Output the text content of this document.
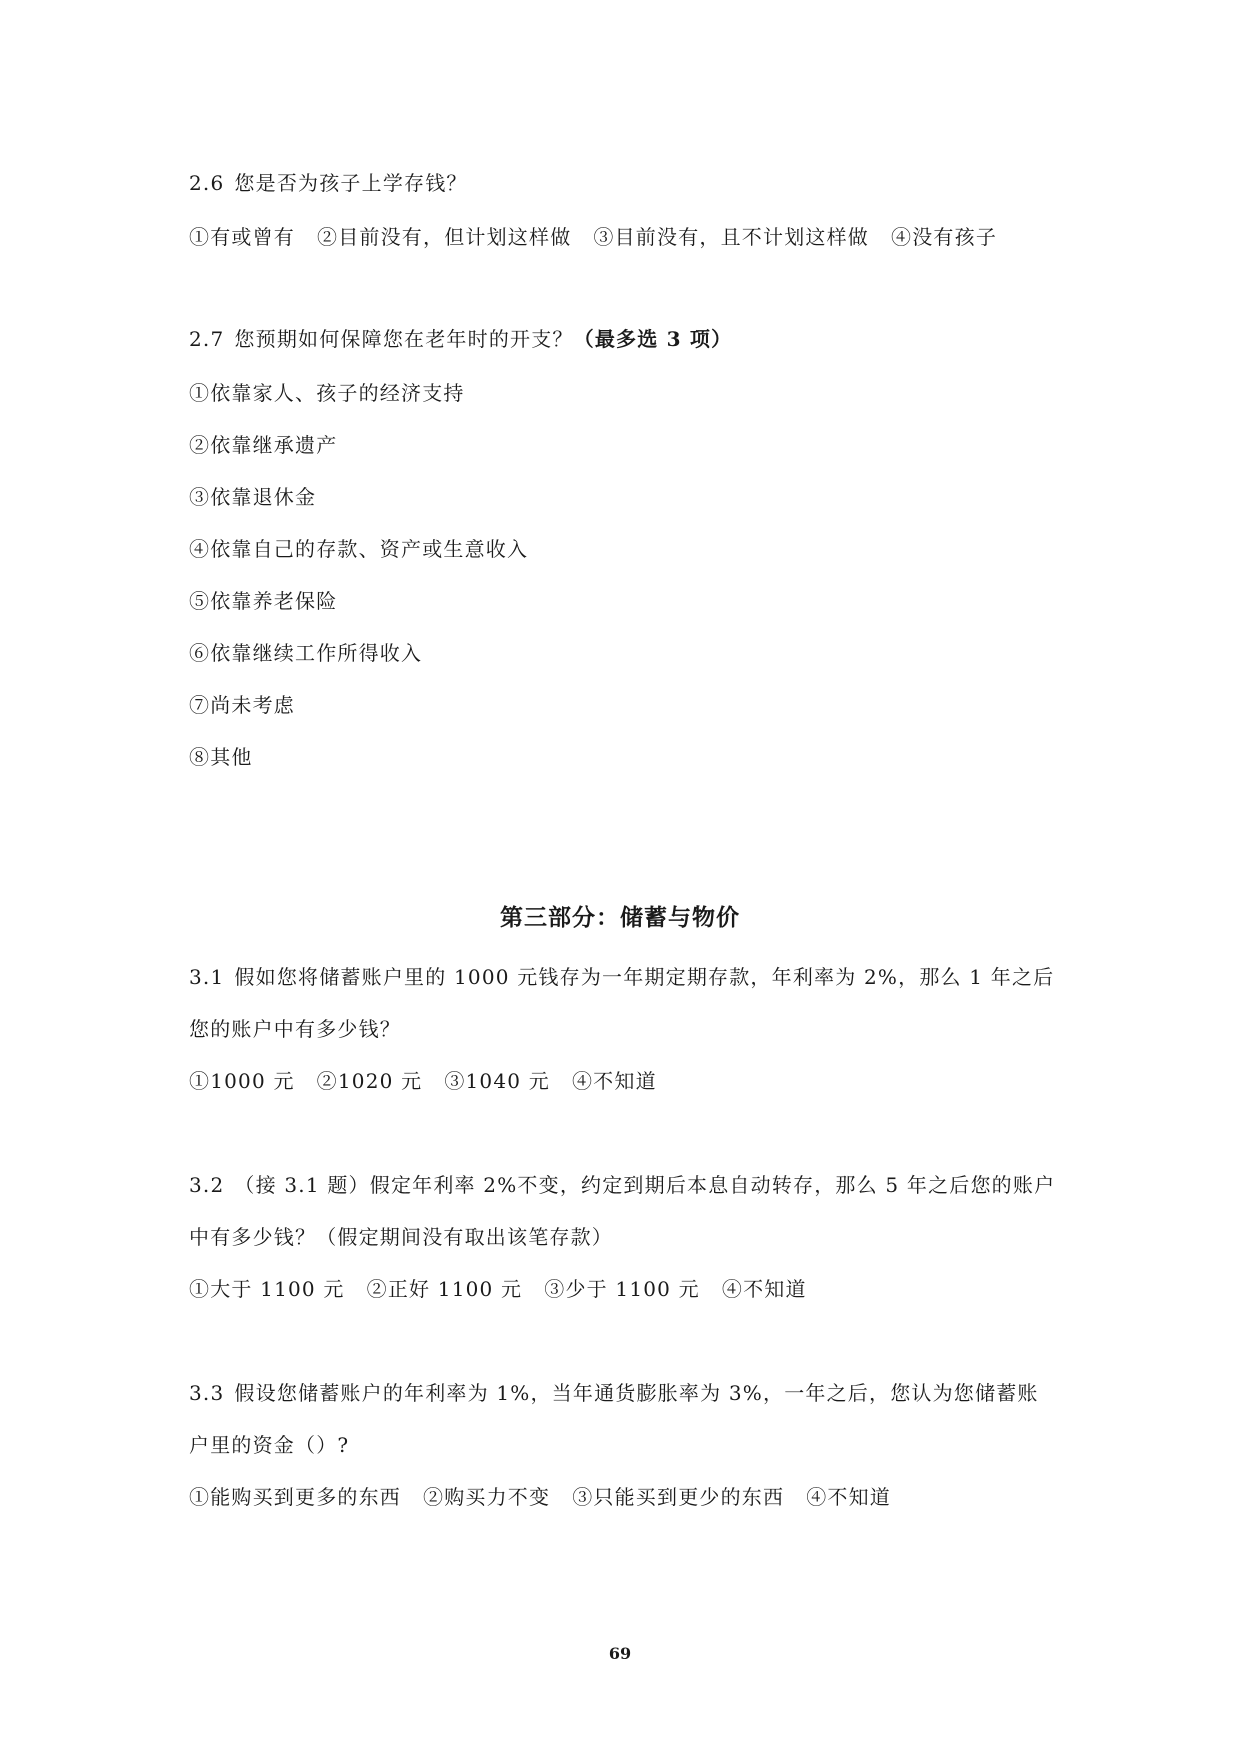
2.6 您是否为孩子上学存钱？

①有或曾有 ②目前没有，但计划这样做 ③目前没有，且不计划这样做 ④没有孩子

2.7 您预期如何保障您在老年时的开支？（最多选 3 项）

①依靠家人、孩子的经济支持

②依靠继承遗产

③依靠退休金

④依靠自己的存款、资产或生意收入

⑤依靠养老保险

⑥依靠继续工作所得收入

⑦尚未考虑

⑧其他

第三部分：储蓄与物价

3.1 假如您将储蓄账户里的 1000 元钱存为一年期定期存款，年利率为 2%，那么 1 年之后

您的账户中有多少钱？

①1000 元 ②1020 元 ③1040 元 ④不知道

3.2 （接 3.1 题）假定年利率 2%不变，约定到期后本息自动转存，那么 5 年之后您的账户

中有多少钱？（假定期间没有取出该笔存款）

①大于 1100 元 ②正好 1100 元 ③少于 1100 元 ④不知道

3.3 假设您储蓄账户的年利率为 1%，当年通货膨胀率为 3%，一年之后，您认为您储蓄账

户里的资金（）?

①能购买到更多的东西 ②购买力不变 ③只能买到更少的东西 ④不知道

69
